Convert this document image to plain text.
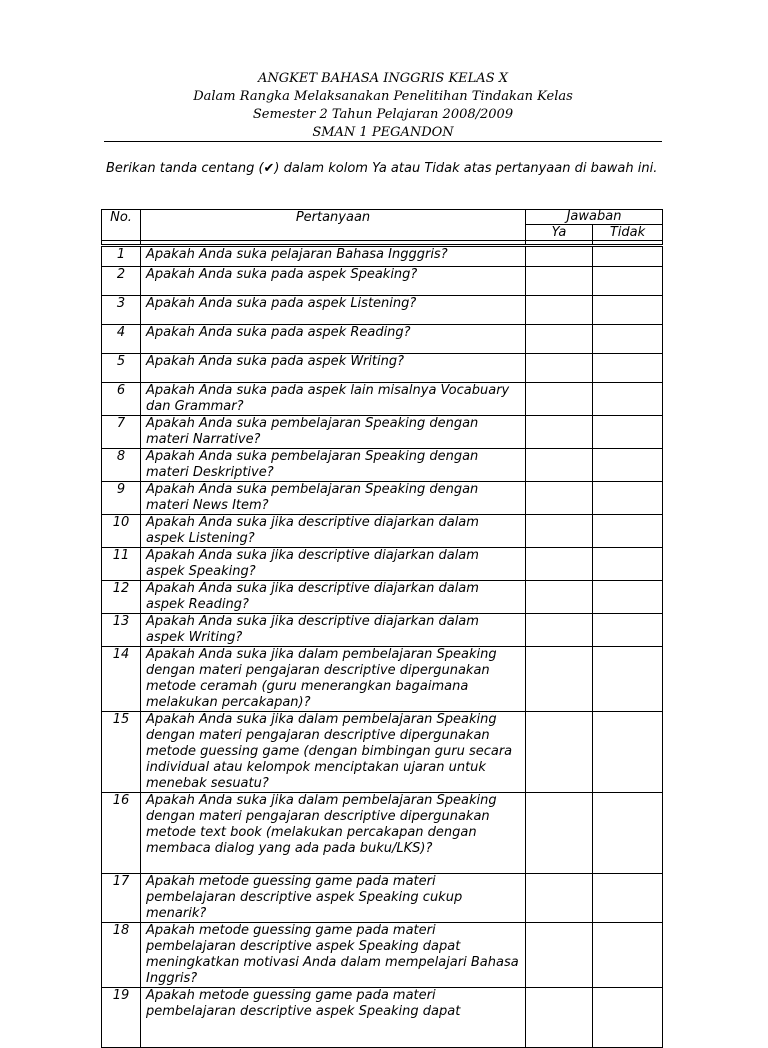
ANGKET BAHASA INGGRIS KELAS X
Dalam Rangka Melaksanakan Penelitihan Tindakan Kelas
Semester 2 Tahun Pelajaran 2008/2009
SMAN 1 PEGANDON
Berikan tanda centang (✔) dalam kolom Ya atau Tidak atas pertanyaan di bawah ini.
No.	Pertanyaan	Jawaban	
		Ya	Tidak

1	Apakah Anda suka pelajaran Bahasa Ingggris?		
2	Apakah Anda suka pada aspek Speaking?		
3	Apakah Anda suka pada aspek Listening?		
4	Apakah Anda suka pada aspek Reading?		
5	Apakah Anda suka pada aspek Writing?		
6	Apakah Anda suka pada aspek lain misalnya Vocabuary dan Grammar?		
7	Apakah Anda suka pembelajaran Speaking dengan materi Narrative?		
8	Apakah Anda suka pembelajaran Speaking dengan materi Deskriptive?		
9	Apakah Anda suka pembelajaran Speaking dengan materi News Item?		
10	Apakah Anda suka jika descriptive diajarkan dalam aspek Listening?		
11	Apakah Anda suka jika descriptive diajarkan dalam aspek Speaking?		
12	Apakah Anda suka jika descriptive diajarkan dalam aspek Reading?		
13	Apakah Anda suka jika descriptive diajarkan dalam aspek Writing?		
14	Apakah Anda suka jika dalam pembelajaran Speaking dengan materi pengajaran descriptive dipergunakan metode ceramah (guru menerangkan bagaimana melakukan percakapan)?		
15	Apakah Anda suka jika dalam pembelajaran Speaking dengan materi pengajaran descriptive dipergunakan metode guessing game (dengan bimbingan guru secara individual atau kelompok menciptakan ujaran untuk menebak sesuatu?		
16	Apakah Anda suka jika dalam pembelajaran Speaking dengan materi pengajaran descriptive dipergunakan metode text book (melakukan percakapan dengan membaca dialog yang ada pada buku/LKS)?		
17	Apakah metode guessing game pada materi pembelajaran descriptive aspek Speaking cukup menarik?		
18	Apakah metode guessing game pada materi pembelajaran descriptive aspek Speaking dapat meningkatkan motivasi Anda dalam mempelajari Bahasa Inggris?		
19	Apakah metode guessing game pada materi pembelajaran descriptive aspek Speaking dapat		
